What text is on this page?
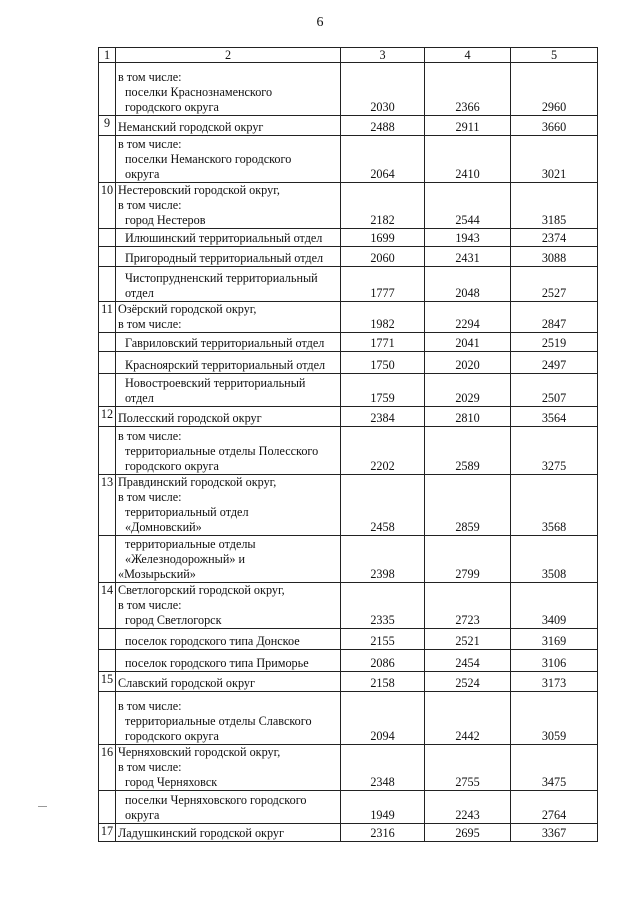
6
1	2	3	4	5

	в том числе:
поселки Краснознаменского
городского округа	2030	2366	2960
9	Неманский городской округ	2488	2911	3660

	в том числе:
поселки Неманского городского
округа	2064	2410	3021
10	Нестеровский городской округ,
в том числе:
город Нестеров	2182	2544	3185

	Илюшинский территориальный отдел	1699	1943	2374

	Пригородный территориальный отдел	2060	2431	3088

	Чистопрудненский территориальный
отдел	1777	2048	2527
11	Озёрский городской округ,
в том числе:	1982	2294	2847

	Гавриловский территориальный отдел	1771	2041	2519

	Красноярский территориальный отдел	1750	2020	2497

	Новостроевский территориальный
отдел	1759	2029	2507
12	Полесский городской округ	2384	2810	3564

	в том числе:
территориальные отделы Полесского
городского округа	2202	2589	3275
13	Правдинский городской округ,
в том числе:
территориальный отдел
«Домновский»	2458	2859	3568

	территориальные отделы
«Железнодорожный» и
«Мозырьский»	2398	2799	3508
14	Светлогорский городской округ,
в том числе:
город Светлогорск	2335	2723	3409

	поселок городского типа Донское	2155	2521	3169

	поселок городского типа Приморье	2086	2454	3106
15	Славский городской округ	2158	2524	3173

	в том числе:
территориальные отделы Славского
городского округа	2094	2442	3059
16	Черняховский городской округ,
в том числе:
город Черняховск	2348	2755	3475

	поселки Черняховского городского
округа	1949	2243	2764
17	Ладушкинский городской округ	2316	2695	3367
